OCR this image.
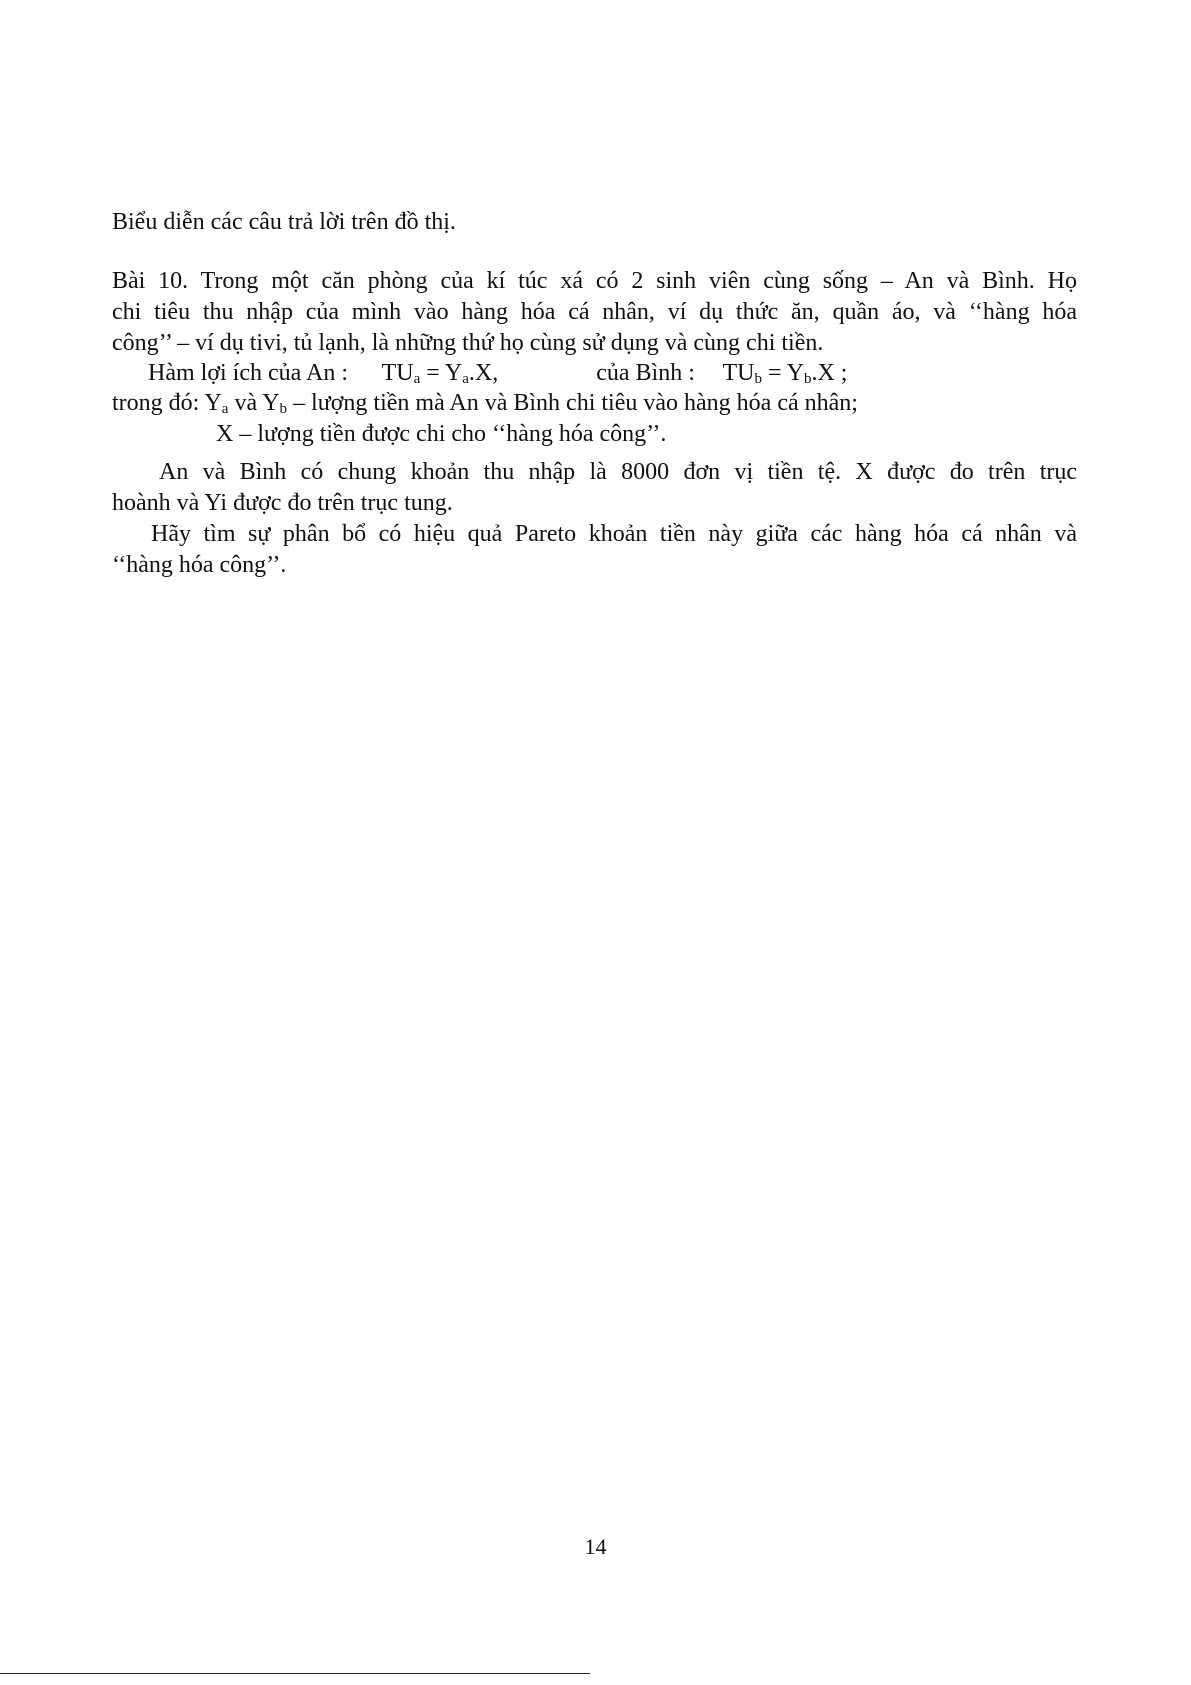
Biểu diễn các câu trả lời trên đồ thị.
Bài 10. Trong một căn phòng của kí túc xá có 2 sinh viên cùng sống – An và Bình. Họ
chi tiêu thu nhập của mình vào hàng hóa cá nhân, ví dụ thức ăn, quần áo, và ‘‘hàng hóa
công’’ – ví dụ tivi, tủ lạnh, là những thứ họ cùng sử dụng và cùng chi tiền.
Hàm lợi ích của An : $TU_a = Y_a.X$,	của Bình : $TU_b = Y_b.X$ ;
trong đó: $Y_a$ và $Y_b$ – lượng tiền mà An và Bình chi tiêu vào hàng hóa cá nhân;
X – lượng tiền được chi cho ‘‘hàng hóa công’’.
An và Bình có chung khoản thu nhập là 8000 đơn vị tiền tệ. X được đo trên trục
hoành và Yi được đo trên trục tung.
Hãy tìm sự phân bổ có hiệu quả Pareto khoản tiền này giữa các hàng hóa cá nhân và
‘‘hàng hóa công’’.
14
